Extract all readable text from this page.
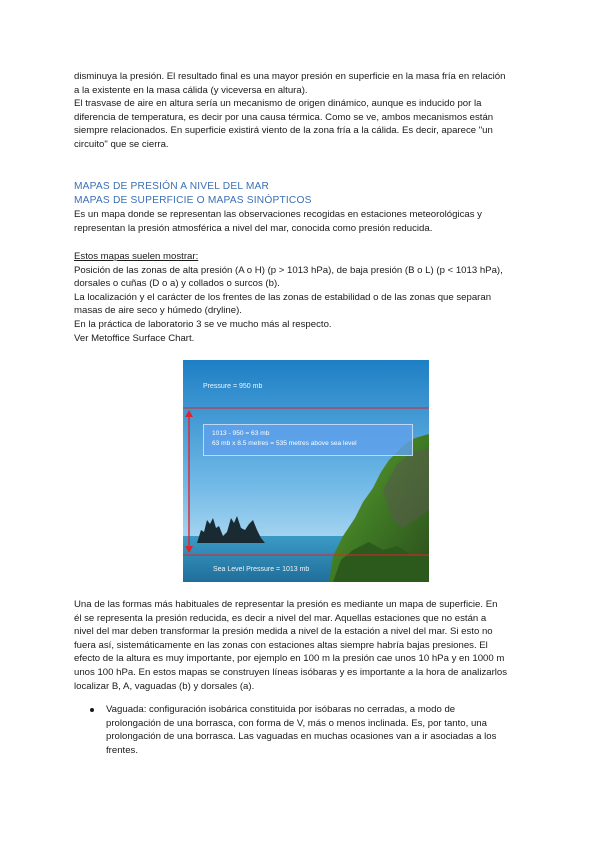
disminuya la presión. El resultado final es una mayor presión en superficie en la masa fría en relación

a la existente en la masa cálida (y viceversa en altura).

El trasvase de aire en altura sería un mecanismo de origen dinámico, aunque es inducido por la

diferencia de temperatura, es decir por una causa térmica. Como se ve, ambos mecanismos están

siempre relacionados. En superficie existirá viento de la zona fría a la cálida. Es decir, aparece "un

circuito" que se cierra.

MAPAS DE PRESIÓN A NIVEL DEL MAR

MAPAS DE SUPERFICIE O MAPAS SINÓPTICOS

Es un mapa donde se representan las observaciones recogidas en estaciones meteorológicas y

representan la presión atmosférica a nivel del mar, conocida como presión reducida.

Estos mapas suelen mostrar:

Posición de las zonas de alta presión (A o H) (p > 1013 hPa), de baja presión (B o L) (p < 1013 hPa),

dorsales o cuñas (D o a) y collados o surcos (b).

La localización y el carácter de los frentes de las zonas de estabilidad o de las zonas que separan

masas de aire seco y húmedo (dryline).

En la práctica de laboratorio 3 se ve mucho más al respecto.

Ver Metoffice Surface Chart.

Pressure = 950 mb
1013 - 950 = 63 mb
63 mb x 8.5 metres = 535 metres above sea level
Sea Level Pressure = 1013 mb

Una de las formas más habituales de representar la presión es mediante un mapa de superficie. En

él se representa la presión reducida, es decir a nivel del mar. Aquellas estaciones que no están a

nivel del mar deben transformar la presión medida a nivel de la estación a nivel del mar. Si esto no

fuera así, sistemáticamente en las zonas con estaciones altas siempre habría bajas presiones. El

efecto de la altura es muy importante, por ejemplo en 100 m la presión cae unos 10 hPa y en 1000 m

unos 100 hPa. En estos mapas se construyen líneas isóbaras y es importante a la hora de analizarlos

localizar B, A, vaguadas (b) y dorsales (a).

Vaguada: configuración isobárica constituida por isóbaras no cerradas, a modo de

prolongación de una borrasca, con forma de V, más o menos inclinada. Es, por tanto, una

prolongación de una borrasca. Las vaguadas en muchas ocasiones van a ir asociadas a los

frentes.
